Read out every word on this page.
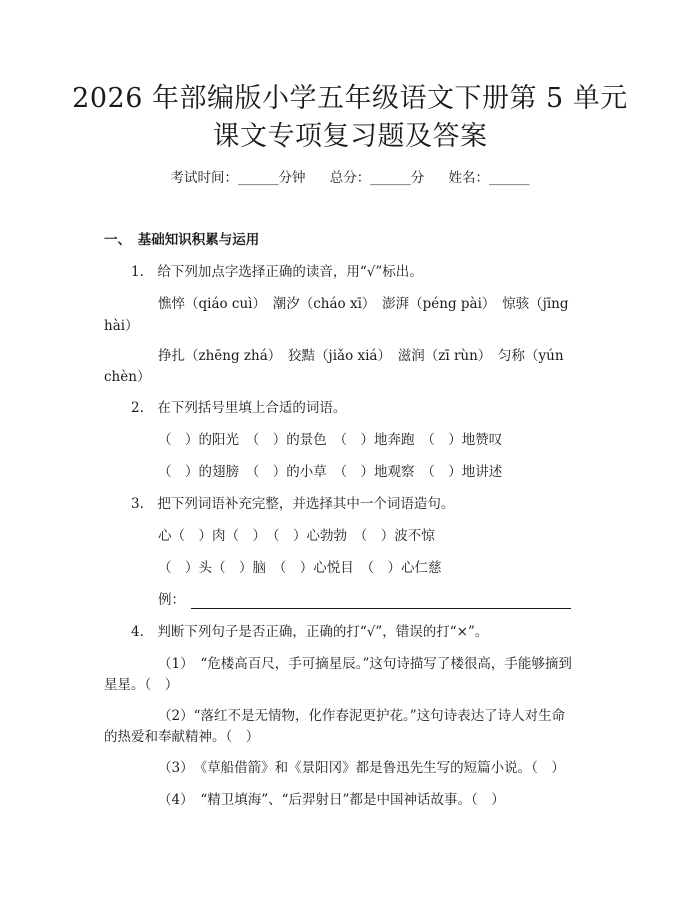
2026 年部编版小学五年级语文下册第 5 单元
课文专项复习题及答案
考试时间：______分钟 总分：______分 姓名：______
一、　基础知识积累与运用
1.　给下列加点字选择正确的读音，用“√”标出。
憔悴（qiáo cuì）　潮汐（cháo xī）　澎湃（péng pài）　惊骇（jīng
hài）
挣扎（zhēng zhá）　狡黠（jiǎo xiá）　滋润（zī rùn）　匀称（yún
chèn）
2.　在下列括号里填上合适的词语。
（　）的阳光　（　）的景色　（　）地奔跑　（　）地赞叹
（　）的翅膀　（　）的小草　（　）地观察　（　）地讲述
3.　把下列词语补充完整，并选择其中一个词语造句。
心（　）肉（　）　（　）心勃勃　（　）波不惊
（　）头（　）脑　（　）心悦目　（　）心仁慈
例：
4.　判断下列句子是否正确，正确的打“√”，错误的打“×”。
（1）　“危楼高百尺，手可摘星辰。”这句诗描写了楼很高，手能够摘到
星星。（　）
（2）“落红不是无情物，化作春泥更护花。”这句诗表达了诗人对生命
的热爱和奉献精神。（　）
（3）　《草船借箭》和《景阳冈》都是鲁迅先生写的短篇小说。（　）
（4）　“精卫填海”、“后羿射日”都是中国神话故事。（　）
